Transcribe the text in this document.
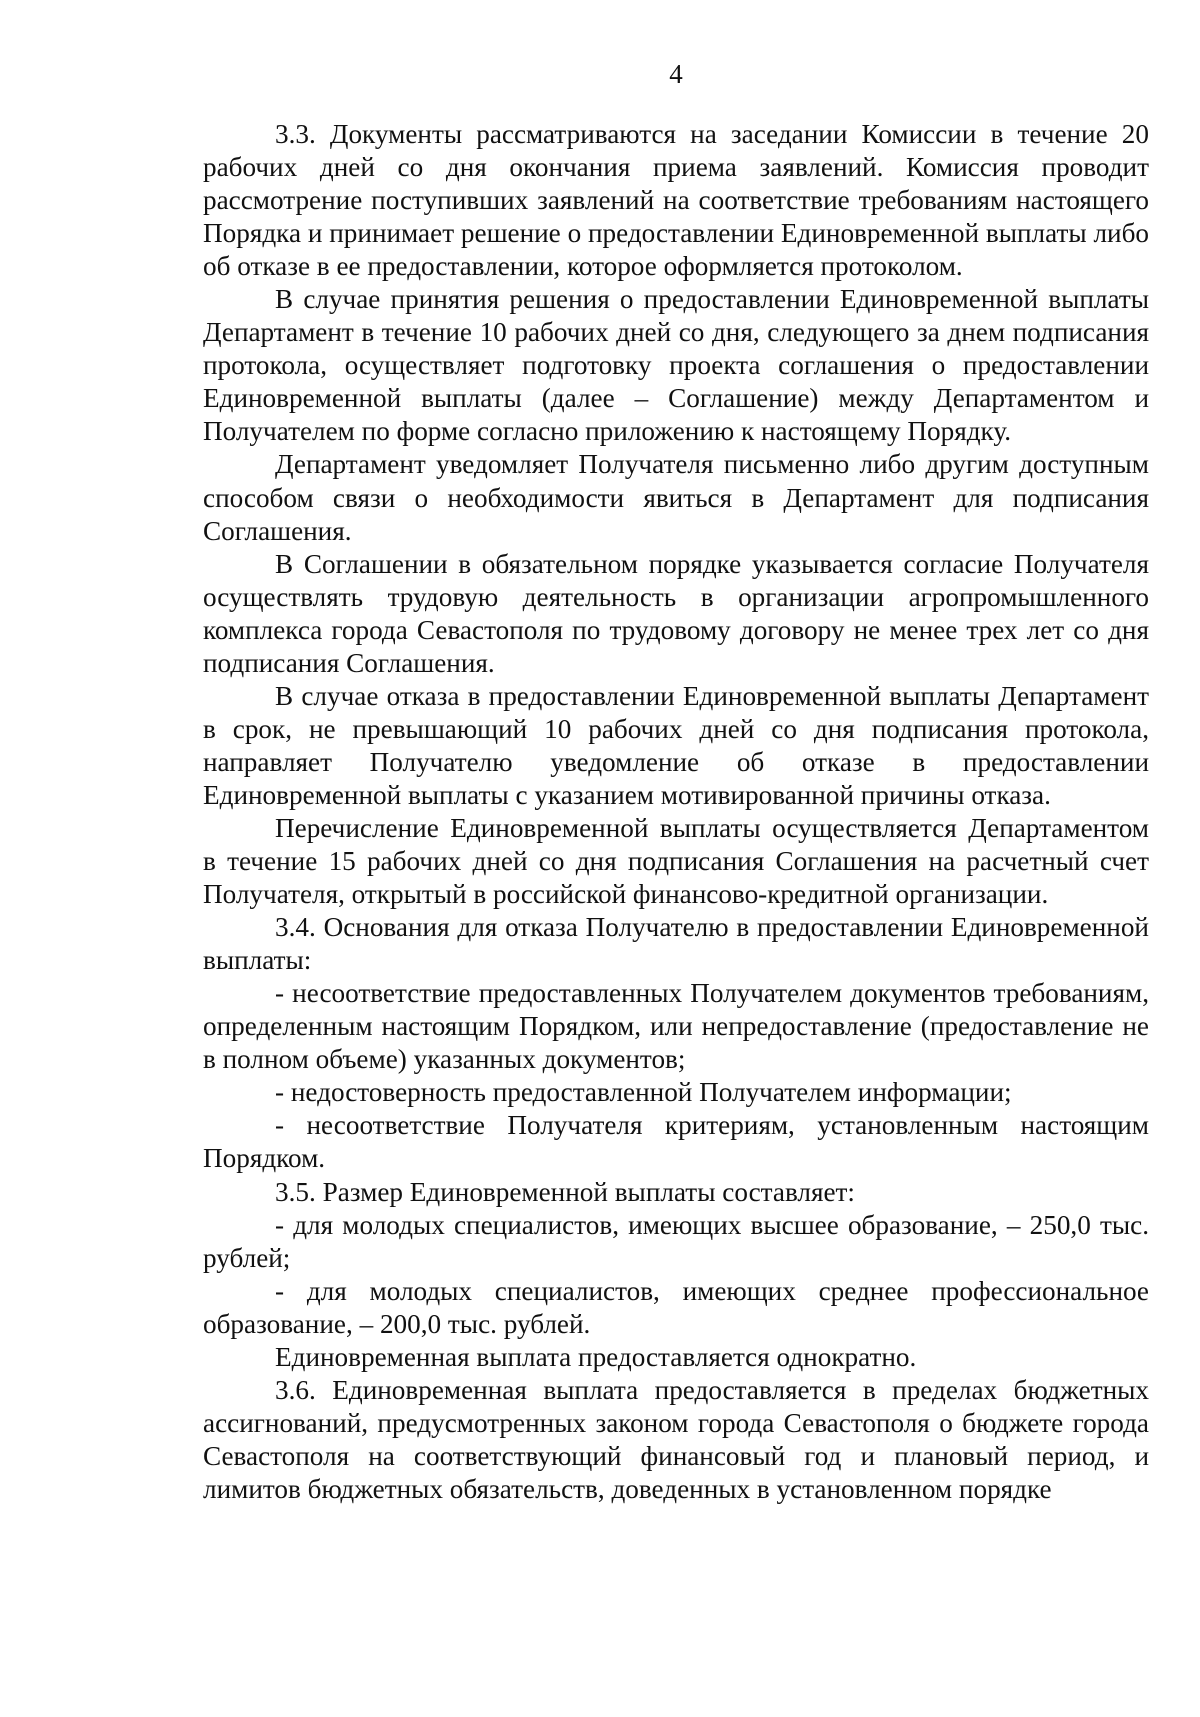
4

3.3. Документы рассматриваются на заседании Комиссии в течение 20 рабочих дней со дня окончания приема заявлений. Комиссия проводит рассмотрение поступивших заявлений на соответствие требованиям настоящего Порядка и принимает решение о предоставлении Единовременной выплаты либо об отказе в ее предоставлении, которое оформляется протоколом.

В случае принятия решения о предоставлении Единовременной выплаты Департамент в течение 10 рабочих дней со дня, следующего за днем подписания протокола, осуществляет подготовку проекта соглашения о предоставлении Единовременной выплаты (далее – Соглашение) между Департаментом и Получателем по форме согласно приложению к настоящему Порядку.

Департамент уведомляет Получателя письменно либо другим доступным способом связи о необходимости явиться в Департамент для подписания Соглашения.

В Соглашении в обязательном порядке указывается согласие Получателя осуществлять трудовую деятельность в организации агропромышленного комплекса города Севастополя по трудовому договору не менее трех лет со дня подписания Соглашения.

В случае отказа в предоставлении Единовременной выплаты Департамент в срок, не превышающий 10 рабочих дней со дня подписания протокола, направляет Получателю уведомление об отказе в предоставлении Единовременной выплаты с указанием мотивированной причины отказа.

Перечисление Единовременной выплаты осуществляется Департаментом в течение 15 рабочих дней со дня подписания Соглашения на расчетный счет Получателя, открытый в российской финансово-кредитной организации.

3.4. Основания для отказа Получателю в предоставлении Единовременной выплаты:

- несоответствие предоставленных Получателем документов требованиям, определенным настоящим Порядком, или непредоставление (предоставление не в полном объеме) указанных документов;

- недостоверность предоставленной Получателем информации;

- несоответствие Получателя критериям, установленным настоящим Порядком.

3.5. Размер Единовременной выплаты составляет:

- для молодых специалистов, имеющих высшее образование, – 250,0 тыс. рублей;

- для молодых специалистов, имеющих среднее профессиональное образование, – 200,0 тыс. рублей.

Единовременная выплата предоставляется однократно.

3.6. Единовременная выплата предоставляется в пределах бюджетных ассигнований, предусмотренных законом города Севастополя о бюджете города Севастополя на соответствующий финансовый год и плановый период, и лимитов бюджетных обязательств, доведенных в установленном порядке
